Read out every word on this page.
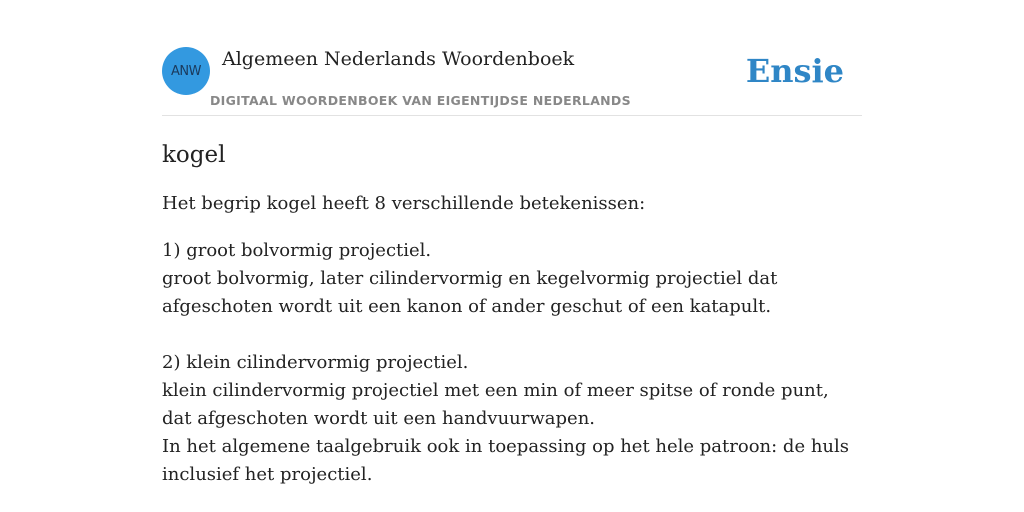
ANW
Algemeen Nederlands Woordenboek
DIGITAAL WOORDENBOEK VAN EIGENTIJDSE NEDERLANDS
Ensie
kogel

Het begrip kogel heeft 8 verschillende betekenissen:

1) groot bolvormig projectiel.

groot bolvormig, later cilindervormig en kegelvormig projectiel dat afgeschoten wordt uit een kanon of ander geschut of een katapult.

2) klein cilindervormig projectiel.

klein cilindervormig projectiel met een min of meer spitse of ronde punt, dat afgeschoten wordt uit een handvuurwapen.

In het algemene taalgebruik ook in toepassing op het hele patroon: de huls inclusief het projectiel.
